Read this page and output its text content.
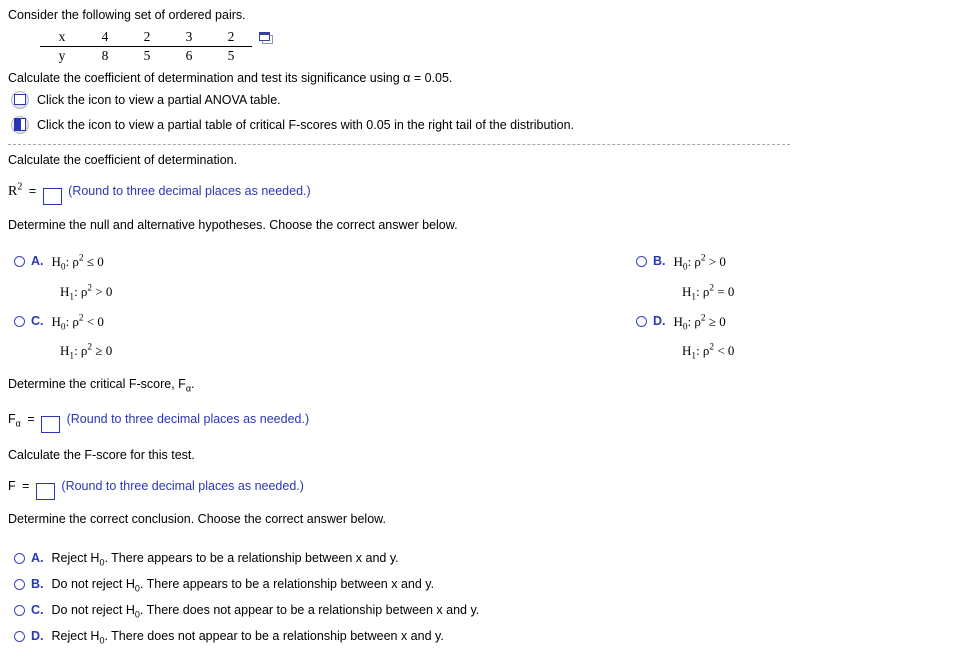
Consider the following set of ordered pairs.
x	4	2	3	2
y	8	5	6	5
Calculate the coefficient of determination and test its significance using α = 0.05.
Click the icon to view a partial ANOVA table.
Click the icon to view a partial table of critical F-scores with 0.05 in the right tail of the distribution.
Calculate the coefficient of determination.
$R^2$ =	(Round to three decimal places as needed.)
Determine the null and alternative hypotheses. Choose the correct answer below.
A. $H_0$: $\rho^2 \le 0$
$H_1$: $\rho^2 > 0$
C. $H_0$: $\rho^2 < 0$
$H_1$: $\rho^2 \ge 0$
B. $H_0$: $\rho^2 > 0$
$H_1$: $\rho^2 = 0$
D. $H_0$: $\rho^2 \ge 0$
$H_1$: $\rho^2 < 0$
Determine the critical F-score, $F_\alpha$.
$F_\alpha$ =	(Round to three decimal places as needed.)
Calculate the F-score for this test.
F =	(Round to three decimal places as needed.)
Determine the correct conclusion. Choose the correct answer below.
A. Reject $H_0$. There appears to be a relationship between x and y.
B. Do not reject $H_0$. There appears to be a relationship between x and y.
C. Do not reject $H_0$. There does not appear to be a relationship between x and y.
D. Reject $H_0$. There does not appear to be a relationship between x and y.
